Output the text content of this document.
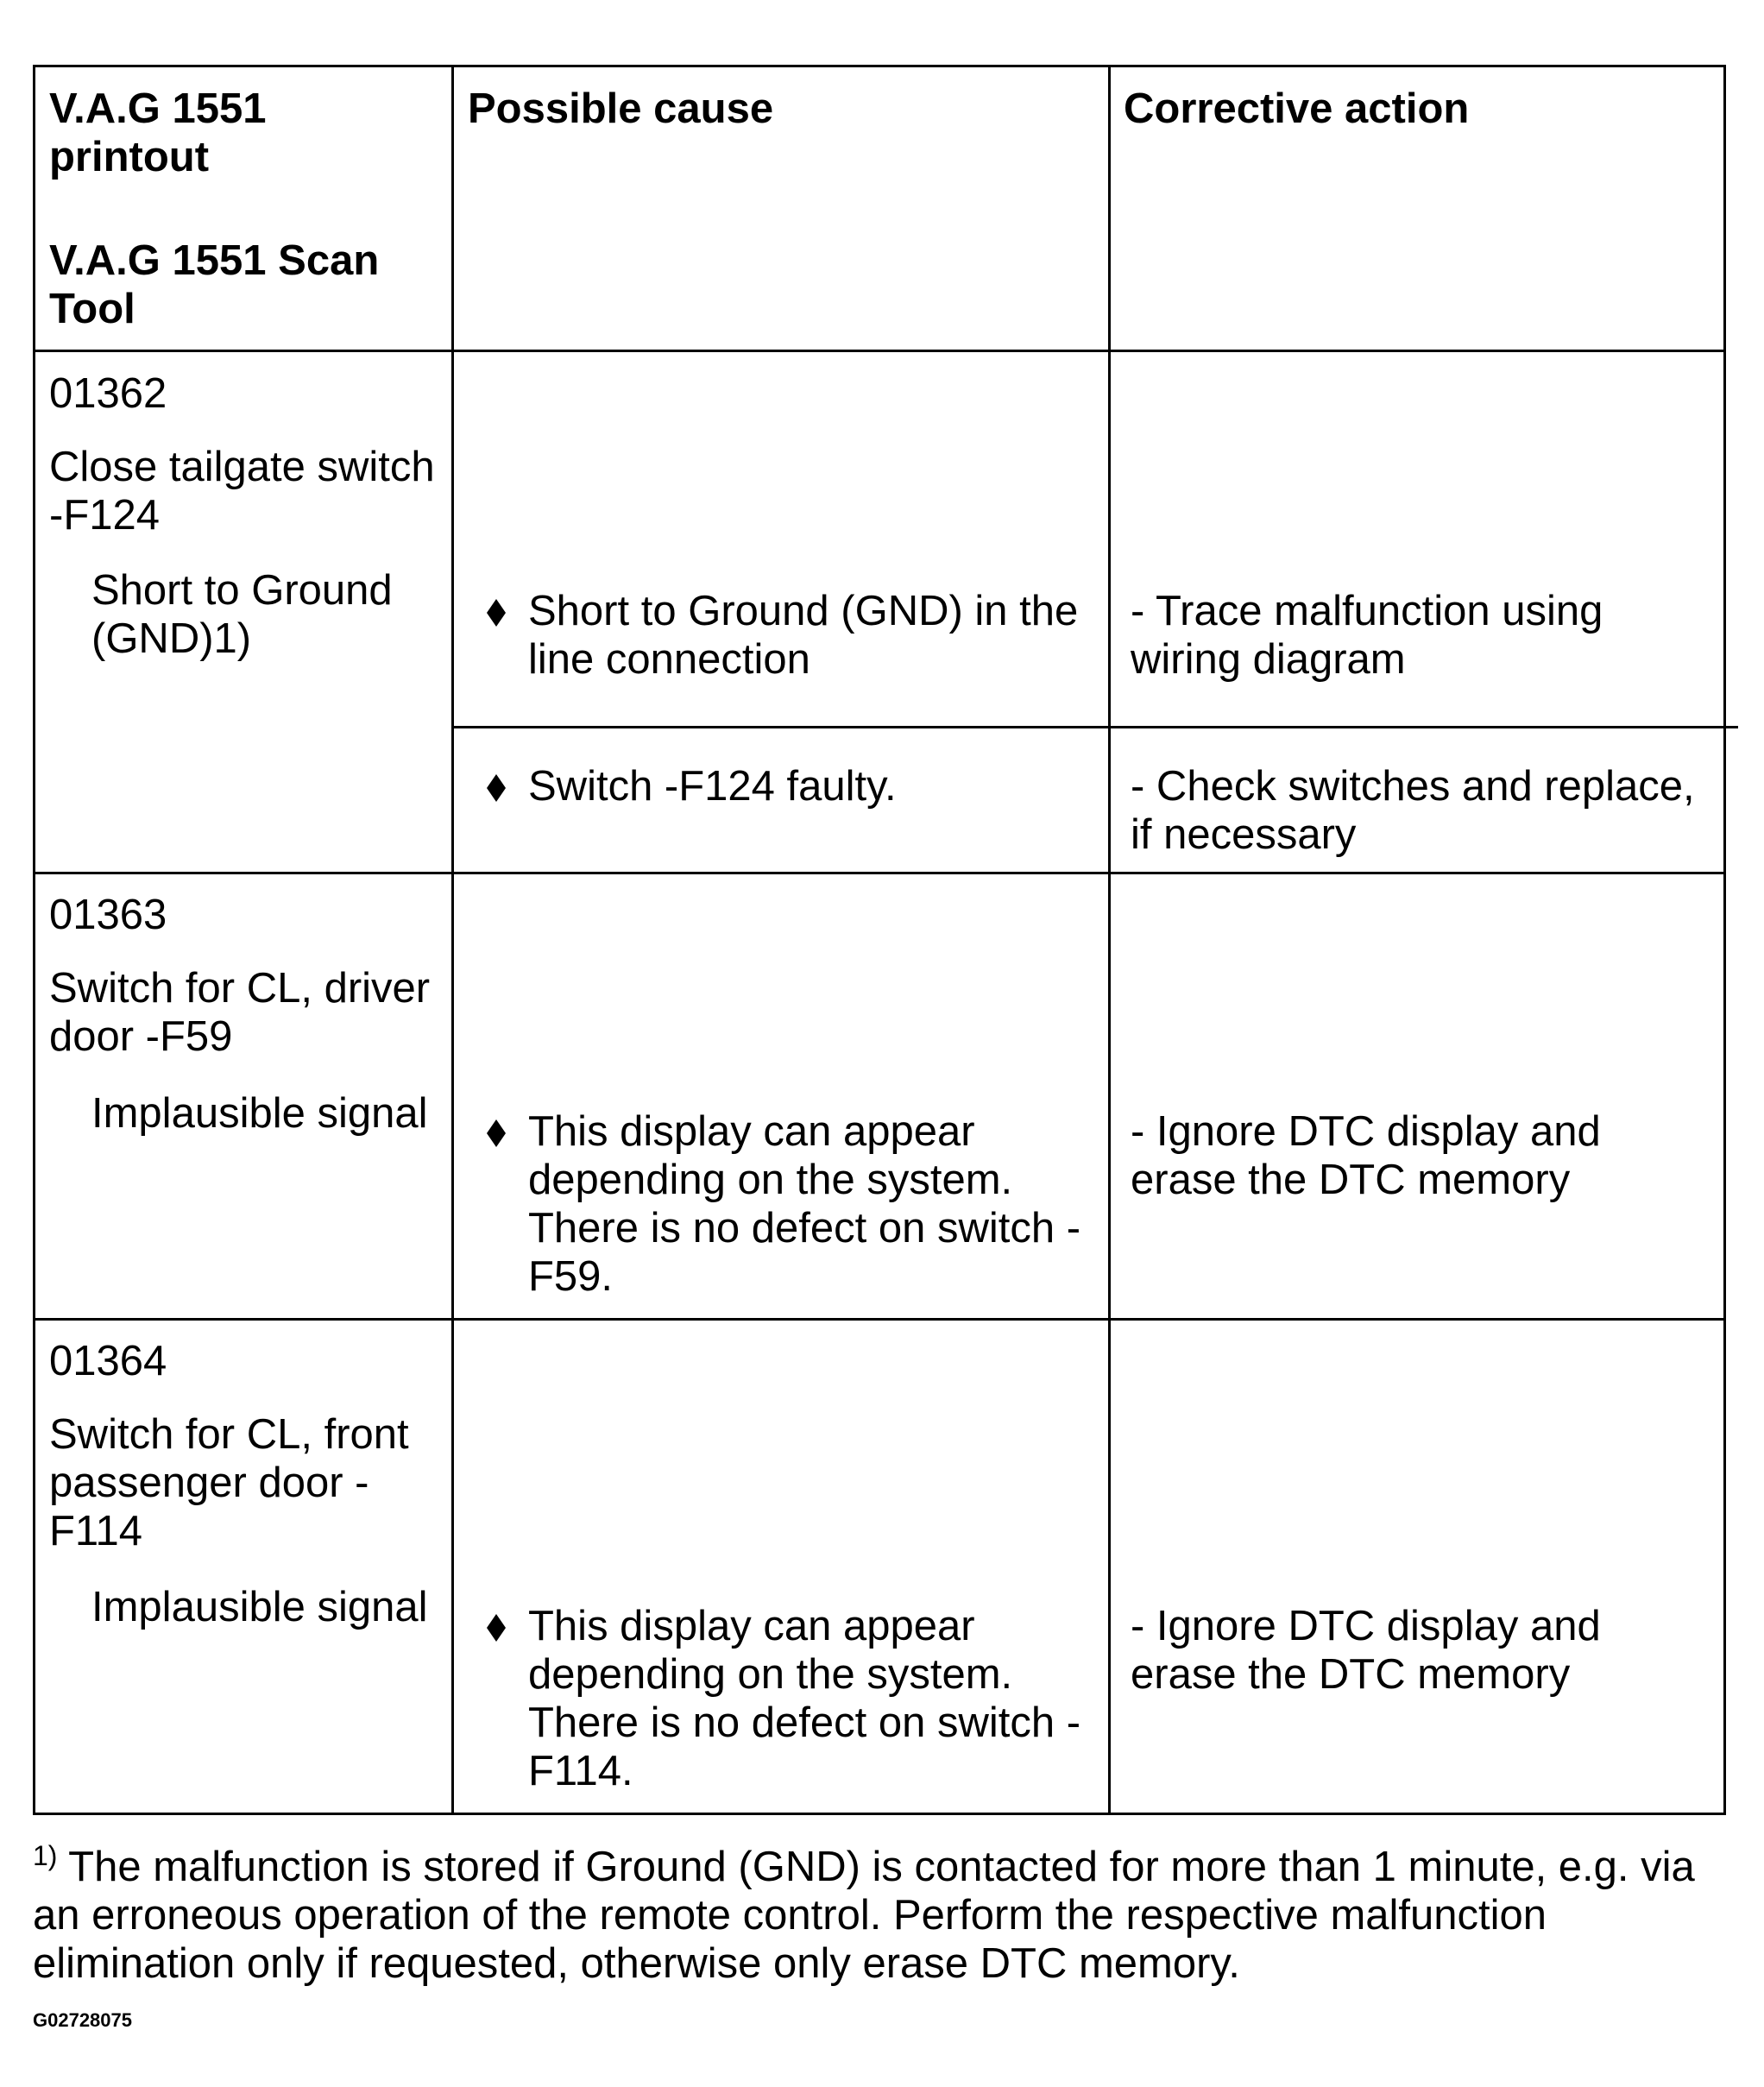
V.A.G 1551
printout
V.A.G 1551 Scan
Tool
Possible cause	Corrective action
01362
Close tailgate switch
-F124
Short to Ground
(GND)1)
Short to Ground (GND) in the
line connection
- Trace malfunction using
wiring diagram
Switch -F124 faulty.	- Check switches and replace,
if necessary
01363
Switch for CL, driver
door -F59
Implausible signal This display can appear
depending on the system.
There is no defect on switch -
F59.
- Ignore DTC display and
erase the DTC memory
01364
Switch for CL, front
passenger door -
F114
Implausible signal This display can appear
depending on the system.
There is no defect on switch -
F114.
- Ignore DTC display and
erase the DTC memory
$^{1)}$ The malfunction is stored if Ground (GND) is contacted for more than 1 minute, e.g. via an erroneous operation of the remote control. Perform the respective malfunction elimination only if requested, otherwise only erase DTC memory.
G02728075
